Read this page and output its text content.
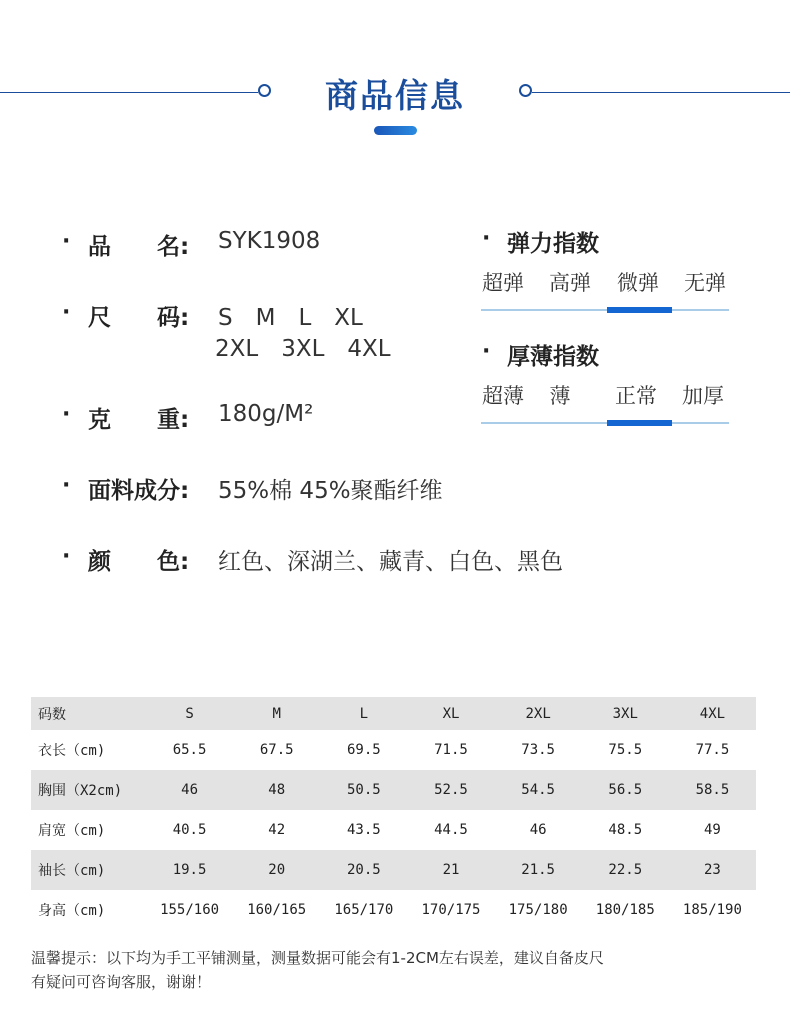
商品信息
· 品　　名: SYK1908
· 尺　　码: S　M　L　XL
2XL　3XL　4XL
· 克　　重: 180g/M²
· 面料成分: 55%棉 45%聚酯纤维
· 颜　　色: 红色、深湖兰、藏青、白色、黑色
· 弹力指数
超弹	高弹	微弹	无弹
· 厚薄指数
超薄	薄	正常	加厚
码数	S	M	L	XL	2XL	3XL	4XL
衣长（cm)	65.5	67.5	69.5	71.5	73.5	75.5	77.5
胸围（X2cm)	46	48	50.5	52.5	54.5	56.5	58.5
肩宽（cm)	40.5	42	43.5	44.5	46	48.5	49
袖长（cm)	19.5	20	20.5	21	21.5	22.5	23
身高（cm)	155/160	160/165	165/170	170/175	175/180	180/185	185/190
温馨提示：以下均为手工平铺测量，测量数据可能会有1-2CM左右误差，建议自备皮尺
有疑问可咨询客服，谢谢！
